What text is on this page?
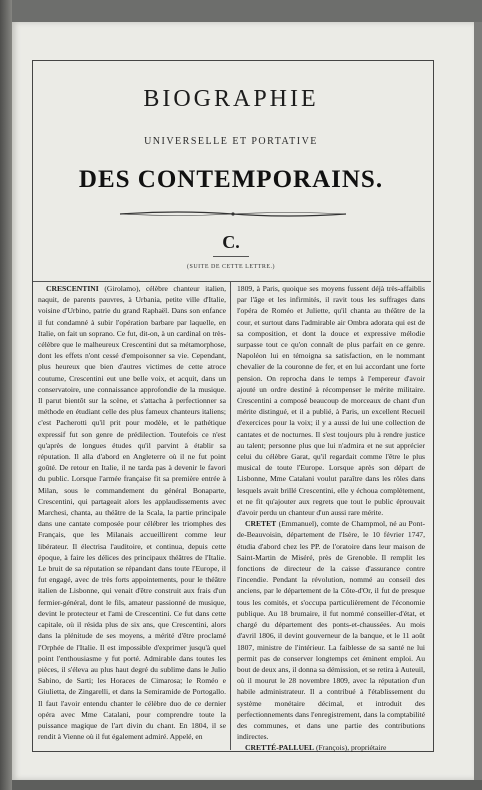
BIOGRAPHIE
UNIVERSELLE ET PORTATIVE
DES CONTEMPORAINS.
C.
(SUITE DE CETTE LETTRE.)

CRESCENTINI (Girolamo), célèbre chanteur italien, naquit, de parents pauvres, à Urbania, petite ville d'Italie, voisine d'Urbino, patrie du grand Raphaël. Dans son enfance il fut condamné à subir l'opération barbare par laquelle, en Italie, on fait un soprano. Ce fut, dit-on, à un cardinal on très-célèbre que le malheureux Crescentini dut sa métamorphose, dont les effets n'ont cessé d'empoisonner sa vie. Cependant, plus heureux que bien d'autres victimes de cette atroce coutume, Crescentini eut une belle voix, et acquit, dans un conservatoire, une connaissance approfondie de la musique. Il parut bientôt sur la scène, et s'attacha à perfectionner sa méthode en étudiant celle des plus fameux chanteurs italiens; c'est Pacherotti qu'il prit pour modèle, et le pathétique expressif fut son genre de prédilection. Toutefois ce n'est qu'après de longues études qu'il parvint à établir sa réputation. Il alla d'abord en Angleterre où il ne fut point goûté. De retour en Italie, il ne tarda pas à devenir le favori du public. Lorsque l'armée française fit sa première entrée à Milan, sous le commandement du général Bonaparte, Crescentini, qui partageait alors les applaudissements avec Marchesi, chanta, au théâtre de la Scala, la partie principale dans une cantate composée pour célébrer les triomphes des Français, que les Milanais accueillirent comme leur libérateur. Il électrisa l'auditoire, et continua, depuis cette époque, à faire les délices des principaux théâtres de l'Italie. Le bruit de sa réputation se répandant dans toute l'Europe, il fut engagé, avec de très forts appointements, pour le théâtre italien de Lisbonne, qui venait d'être construit aux frais d'un fermier-général, dont le fils, amateur passionné de musique, devint le protecteur et l'ami de Crescentini. Ce fut dans cette capitale, où il résida plus de six ans, que Crescentini, alors dans la plénitude de ses moyens, a mérité d'être proclamé l'Orphée de l'Italie. Il est impossible d'exprimer jusqu'à quel point l'enthousiasme y fut porté. Admirable dans toutes les pièces, il s'éleva au plus haut degré du sublime dans le Julio Sabino, de Sarti; les Horaces de Cimarosa; le Roméo e Giulietta, de Zingarelli, et dans la Semiramide de Portogallo. Il faut l'avoir entendu chanter le célèbre duo de ce dernier opéra avec Mme Catalani, pour comprendre toute la puissance magique de l'art divin du chant. En 1804, il se rendit à Vienne où il fut également admiré. Appelé, en

1809, à Paris, quoique ses moyens fussent déjà très-affaiblis par l'âge et les infirmités, il ravit tous les suffrages dans l'opéra de Roméo et Juliette, qu'il chanta au théâtre de la cour, et surtout dans l'admirable air Ombra adorata qui est de sa composition, et dont la douce et expressive mélodie surpasse tout ce qu'on connaît de plus parfait en ce genre. Napoléon lui en témoigna sa satisfaction, en le nommant chevalier de la couronne de fer, et en lui accordant une forte pension. On reprocha dans le temps à l'empereur d'avoir ajouté un ordre destiné à récompenser le mérite militaire. Crescentini a composé beaucoup de morceaux de chant d'un mérite distingué, et il a publié, à Paris, un excellent Recueil d'exercices pour la voix; il y a aussi de lui une collection de cantates et de nocturnes. Il s'est toujours plu à rendre justice au talent; personne plus que lui n'admira et ne sut apprécier celui du célèbre Garat, qu'il regardait comme l'être le plus musical de toute l'Europe. Lorsque après son départ de Lisbonne, Mme Catalani voulut paraître dans les rôles dans lesquels avait brillé Crescentini, elle y échoua complètement, et ne fit qu'ajouter aux regrets que tout le public éprouvait d'avoir perdu un chanteur d'un aussi rare mérite.

CRETET (Emmanuel), comte de Champmol, né au Pont-de-Beauvoisin, département de l'Isère, le 10 février 1747, étudia d'abord chez les PP. de l'oratoire dans leur maison de Saint-Martin de Miséré, près de Grenoble. Il remplit les fonctions de directeur de la caisse d'assurance contre l'incendie. Pendant la révolution, nommé au conseil des anciens, par le département de la Côte-d'Or, il fut de presque tous les comités, et s'occupa particulièrement de l'économie publique. Au 18 brumaire, il fut nommé conseiller-d'état, et chargé du département des ponts-et-chaussées. Au mois d'avril 1806, il devint gouverneur de la banque, et le 11 août 1807, ministre de l'intérieur. La faiblesse de sa santé ne lui permit pas de conserver longtemps cet éminent emploi. Au bout de deux ans, il donna sa démission, et se retira à Auteuil, où il mourut le 28 novembre 1809, avec la réputation d'un habile administrateur. Il a contribué à l'établissement du système monétaire décimal, et introduit des perfectionnements dans l'enregistrement, dans la comptabilité des communes, et dans une partie des contributions indirectes.

CRETTÉ-PALLUEL (François), propriétaire
